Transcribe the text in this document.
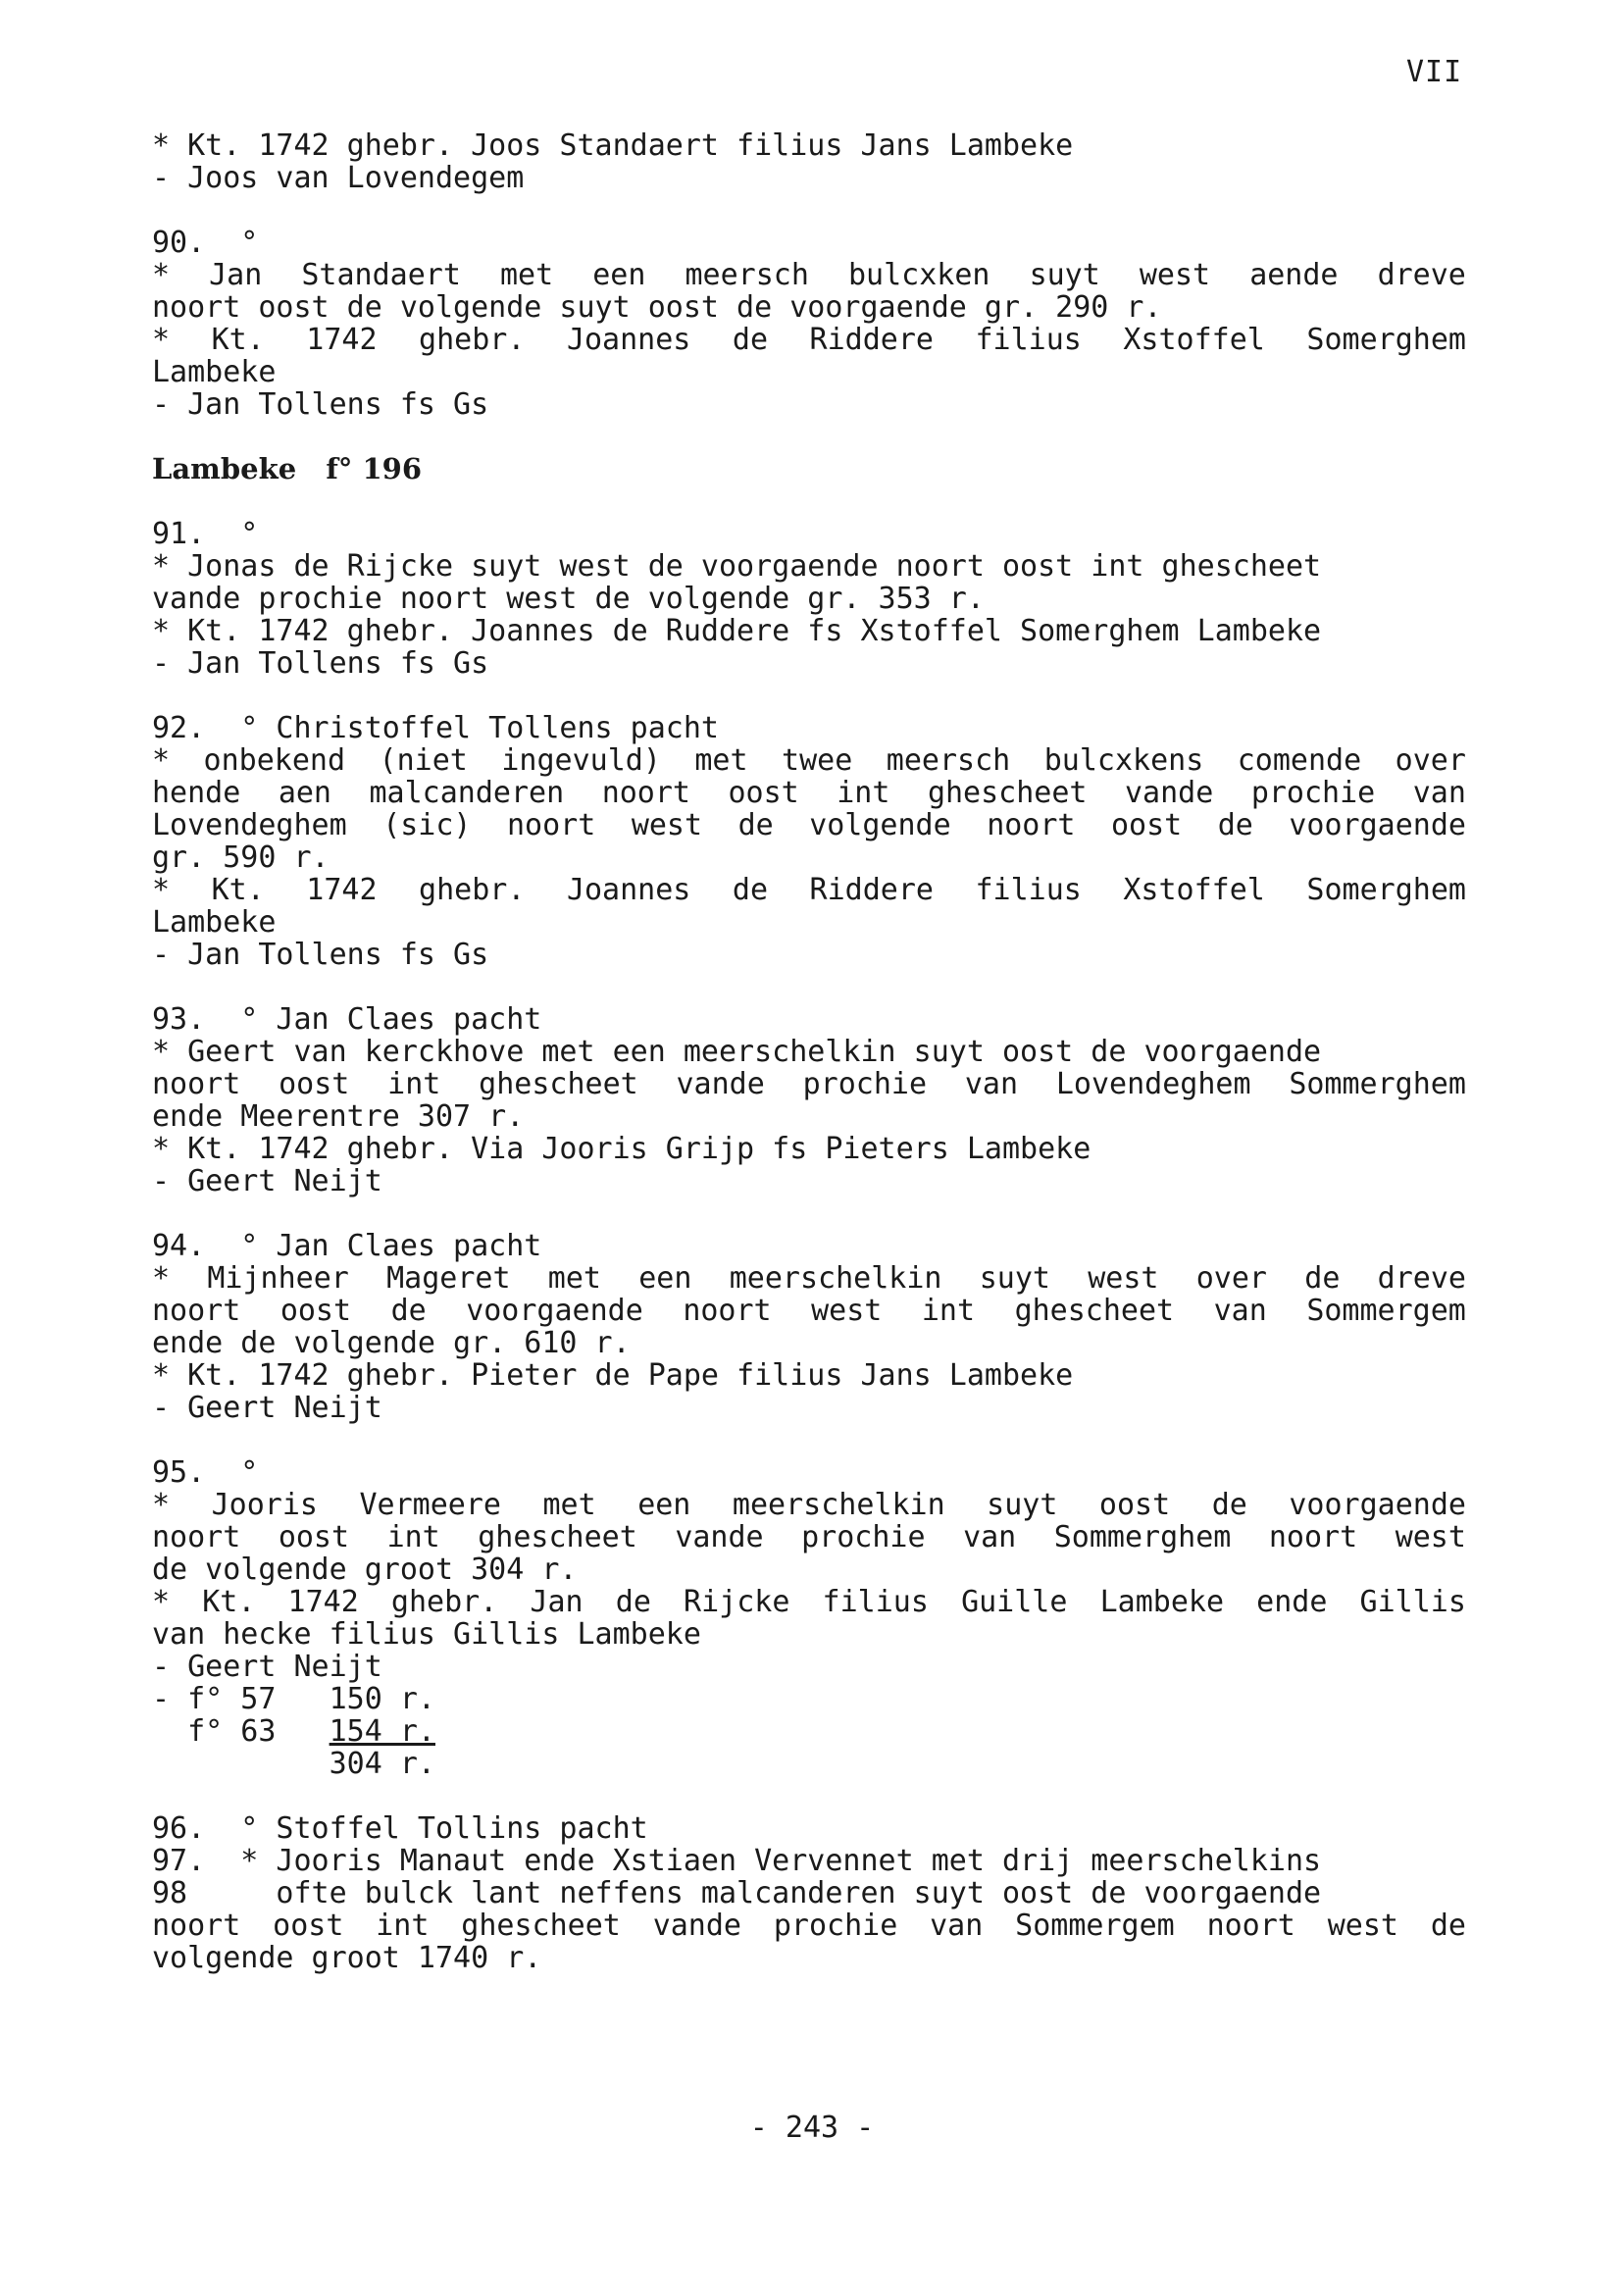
VII
* Kt. 1742 ghebr. Joos Standaert filius Jans Lambeke
- Joos van Lovendegem
90.  °
* Jan Standaert met een meersch bulcxken suyt west aende dreve
noort oost de volgende suyt oost de voorgaende gr. 290 r.
* Kt. 1742 ghebr. Joannes de Riddere filius Xstoffel Somerghem
Lambeke
- Jan Tollens fs Gs
Lambeke   f° 196
91.  °
* Jonas de Rijcke suyt west de voorgaende noort oost int ghescheet
vande prochie noort west de volgende gr. 353 r.
* Kt. 1742 ghebr. Joannes de Ruddere fs Xstoffel Somerghem Lambeke
- Jan Tollens fs Gs
92.  ° Christoffel Tollens pacht
* onbekend (niet ingevuld) met twee meersch bulcxkens comende over
hende aen malcanderen noort oost int ghescheet vande prochie van
Lovendeghem (sic) noort west de volgende noort oost de voorgaende
gr. 590 r.
* Kt. 1742 ghebr. Joannes de Riddere filius Xstoffel Somerghem
Lambeke
- Jan Tollens fs Gs
93.  ° Jan Claes pacht
* Geert van kerckhove met een meerschelkin suyt oost de voorgaende
noort oost int ghescheet vande prochie van Lovendeghem Sommerghem
ende Meerentre 307 r.
* Kt. 1742 ghebr. Via Jooris Grijp fs Pieters Lambeke
- Geert Neijt
94.  ° Jan Claes pacht
* Mijnheer Mageret met een meerschelkin suyt west over de dreve
noort oost de voorgaende noort west int ghescheet van Sommergem
ende de volgende gr. 610 r.
* Kt. 1742 ghebr. Pieter de Pape filius Jans Lambeke
- Geert Neijt
95.  °
* Jooris Vermeere met een meerschelkin suyt oost de voorgaende
noort oost int ghescheet vande prochie van Sommerghem noort west
de volgende groot 304 r.
* Kt. 1742 ghebr. Jan de Rijcke filius Guille Lambeke ende Gillis
van hecke filius Gillis Lambeke
- Geert Neijt
- f° 57   150 r.
f° 63   154 r.
304 r.
96.  ° Stoffel Tollins pacht
97.  * Jooris Manaut ende Xstiaen Vervennet met drij meerschelkins
98     ofte bulck lant neffens malcanderen suyt oost de voorgaende
noort oost int ghescheet vande prochie van Sommergem noort west de
volgende groot 1740 r.
- 243 -
